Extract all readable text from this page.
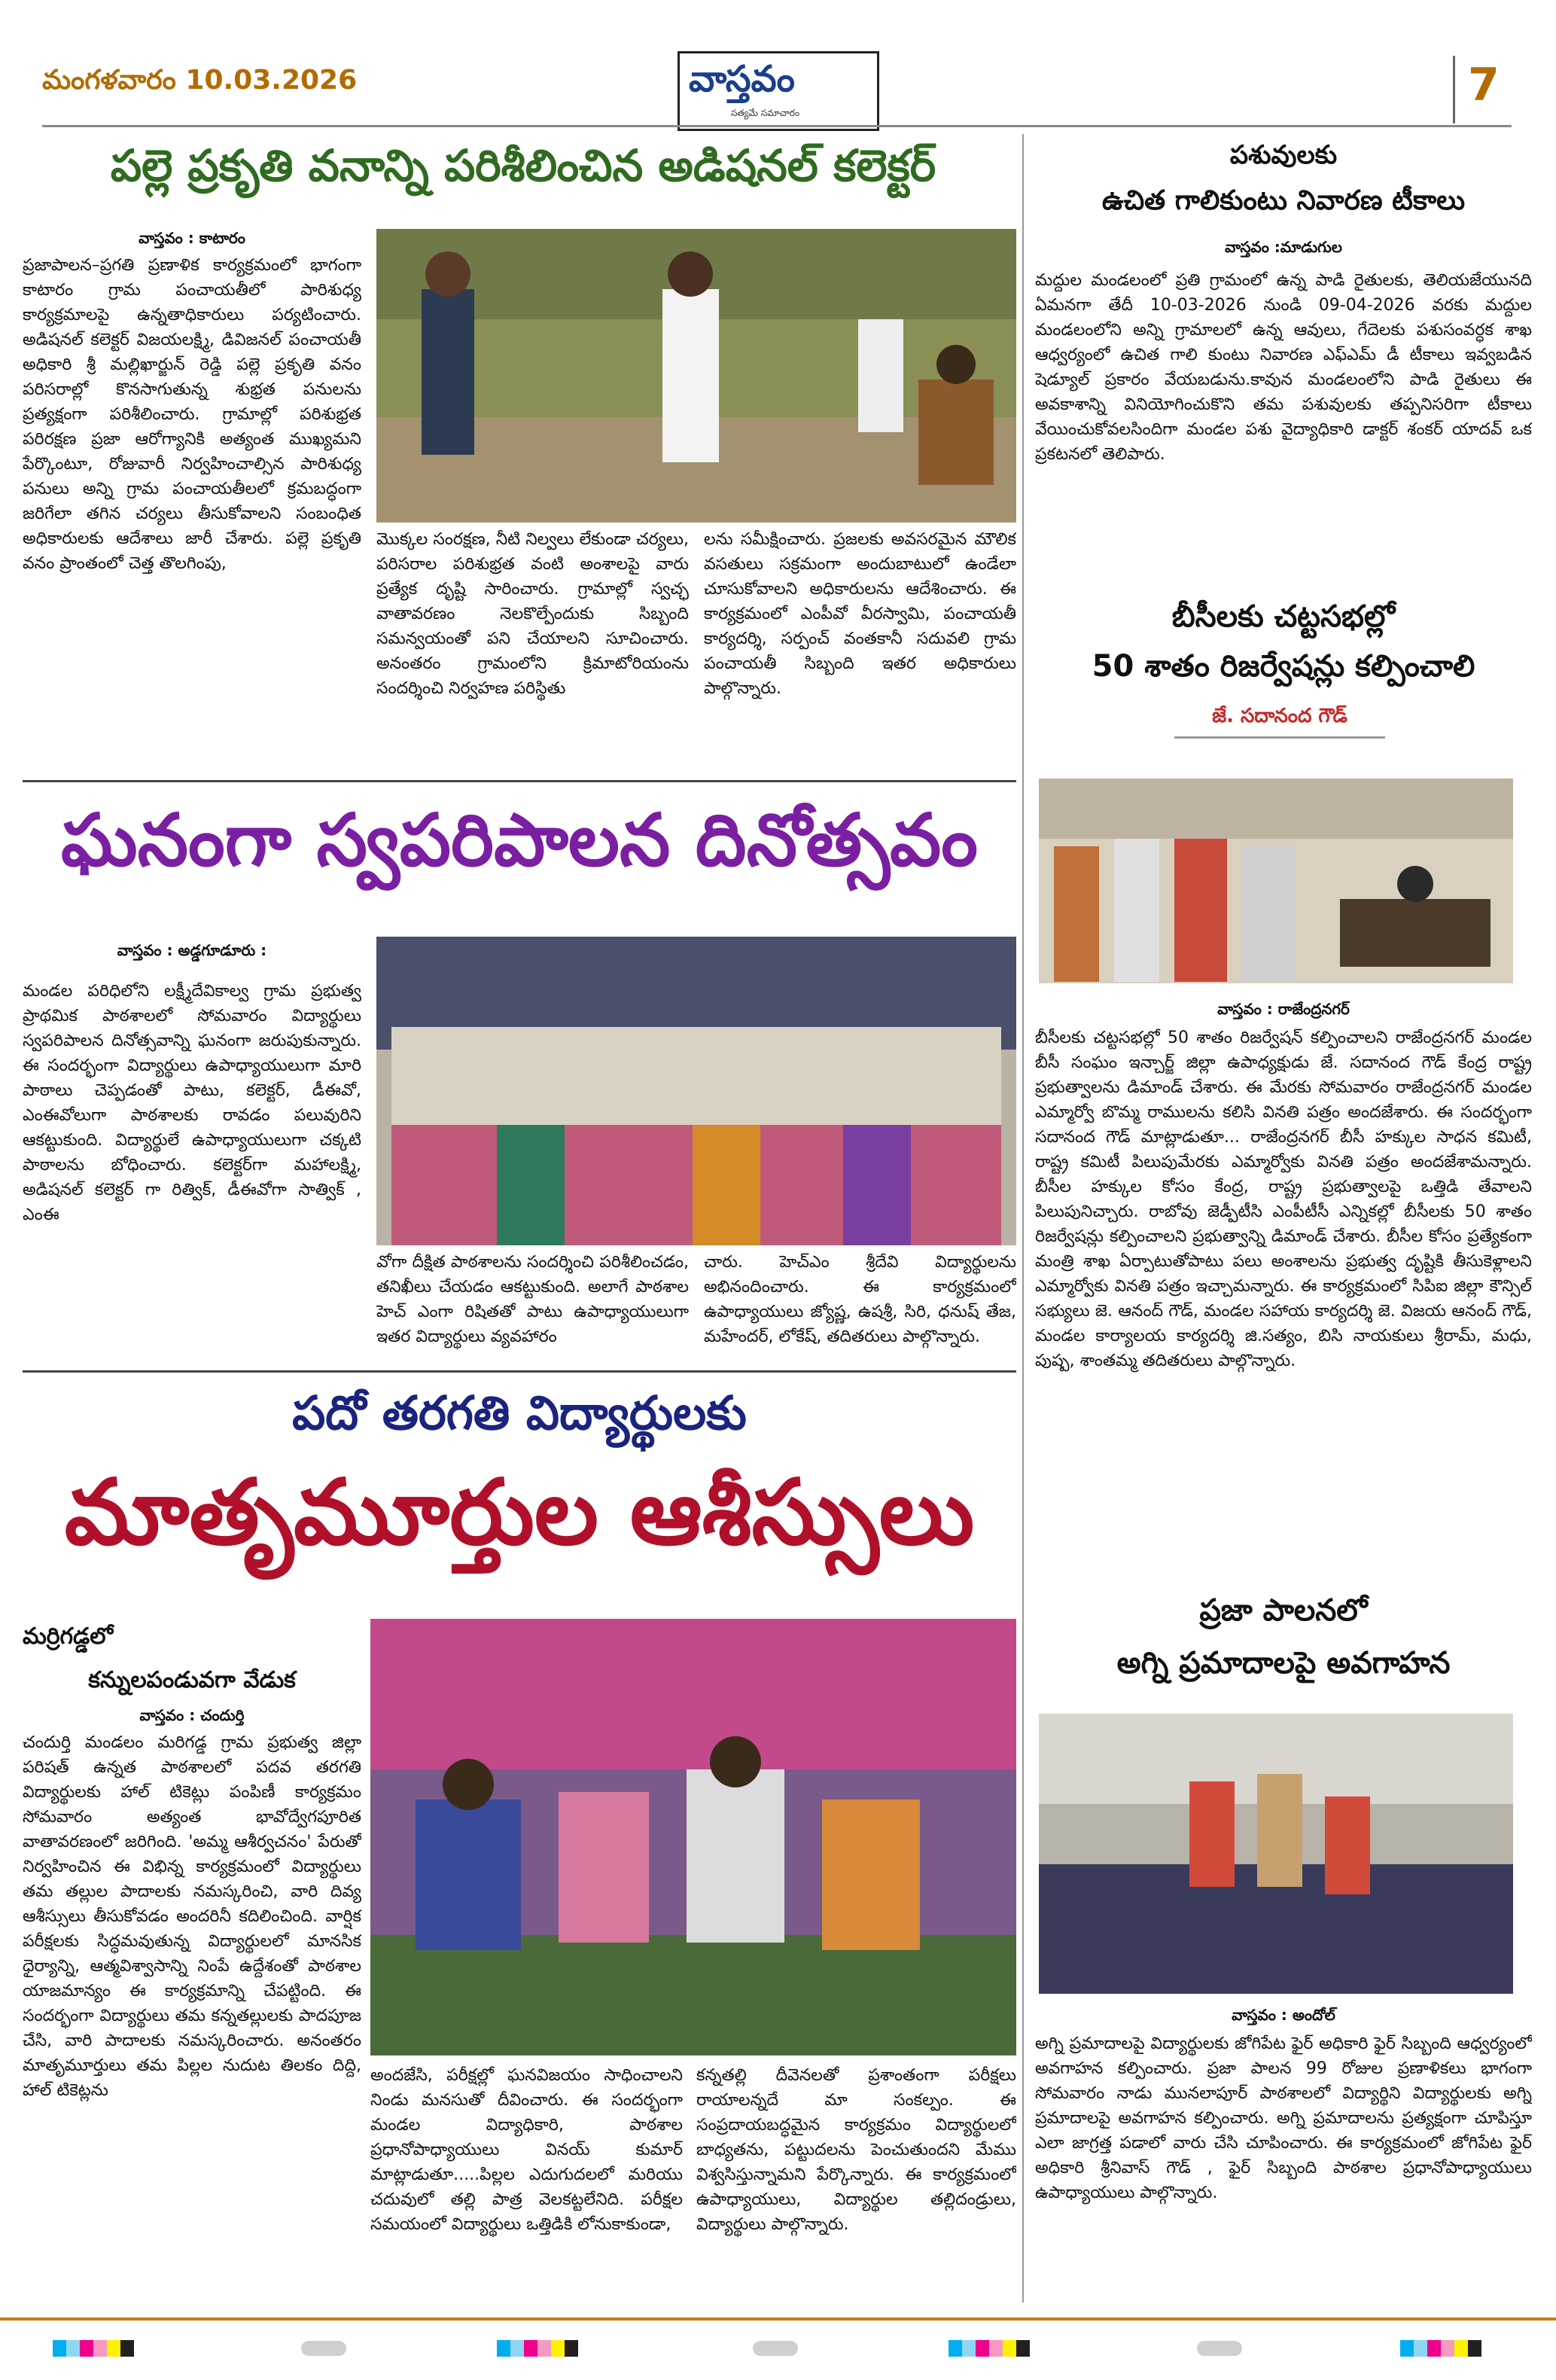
మంగళవారం 10.03.2026	వాస్తవం
సత్యమే సమాచారం
7
పల్లె ప్రకృతి వనాన్ని పరిశీలించిన అడిషనల్ కలెక్టర్
వాస్తవం : కాటారం
ప్రజాపాలన–ప్రగతి ప్రణాళిక కార్యక్రమంలో భాగంగా కాటారం గ్రామ పంచాయతీలో పారిశుధ్య కార్యక్రమాలపై ఉన్నతాధికారులు పర్యటించారు. అడిషనల్ కలెక్టర్ విజయలక్ష్మి, డివిజనల్ పంచాయతీ అధికారి శ్రీ మల్లిఖార్జున్ రెడ్డి పల్లె ప్రకృతి వనం పరిసరాల్లో కొనసాగుతున్న శుభ్రత పనులను ప్రత్యక్షంగా పరిశీలించారు. గ్రామాల్లో పరిశుభ్రత పరిరక్షణ ప్రజా ఆరోగ్యానికి అత్యంత ముఖ్యమని పేర్కొంటూ, రోజువారీ నిర్వహించాల్సిన పారిశుధ్య పనులు అన్ని గ్రామ పంచాయతీలలో క్రమబద్ధంగా జరిగేలా తగిన చర్యలు తీసుకోవాలని సంబంధిత అధికారులకు ఆదేశాలు జారీ చేశారు. పల్లె ప్రకృతి వనం ప్రాంతంలో చెత్త తొలగింపు,
మొక్కల సంరక్షణ, నీటి నిల్వలు లేకుండా చర్యలు, పరిసరాల పరిశుభ్రత వంటి అంశాలపై వారు ప్రత్యేక దృష్టి సారించారు. గ్రామాల్లో స్వచ్ఛ వాతావరణం నెలకొల్పేందుకు సిబ్బంది సమన్వయంతో పని చేయాలని సూచించారు. అనంతరం గ్రామంలోని క్రిమాటోరియంను సందర్శించి నిర్వహణ పరిస్థితు
లను సమీక్షించారు. ప్రజలకు అవసరమైన మౌలిక వసతులు సక్రమంగా అందుబాటులో ఉండేలా చూసుకోవాలని అధికారులను ఆదేశించారు. ఈ కార్యక్రమంలో ఎంపీవో వీరస్వామి, పంచాయతీ కార్యదర్శి, సర్పంచ్ వంతకానీ సదువలి గ్రామ పంచాయతీ సిబ్బంది ఇతర అధికారులు పాల్గొన్నారు.
ఘనంగా స్వపరిపాలన దినోత్సవం
వాస్తవం : అడ్డగూడూరు :
మండల పరిధిలోని లక్ష్మీదేవికాల్వ గ్రామ ప్రభుత్వ ప్రాథమిక పాఠశాలలో సోమవారం విద్యార్థులు స్వపరిపాలన దినోత్సవాన్ని ఘనంగా జరుపుకున్నారు. ఈ సందర్భంగా విద్యార్థులు ఉపాధ్యాయులుగా మారి పాఠాలు చెప్పడంతో పాటు, కలెక్టర్, డీఈవో, ఎంఈవోలుగా పాఠశాలకు రావడం పలువురిని ఆకట్టుకుంది. విద్యార్థులే ఉపాధ్యాయులుగా చక్కటి పాఠాలను బోధించారు. కలెక్టర్‌గా మహాలక్ష్మి, అడిషనల్ కలెక్టర్ గా రిత్విక్, డీఈవోగా సాత్విక్ , ఎంఈ
వోగా దీక్షిత పాఠశాలను సందర్శించి పరిశీలించడం, తనిఖీలు చేయడం ఆకట్టుకుంది. అలాగే పాఠశాల హెచ్ ఎంగా రిషితతో పాటు ఉపాధ్యాయులుగా ఇతర విద్యార్థులు వ్యవహారం
చారు. హెచ్‌ఎం శ్రీదేవి విద్యార్థులను అభినందించారు. ఈ కార్యక్రమంలో ఉపాధ్యాయులు జ్యోష్ణ, ఉషశ్రీ, సిరి, ధనుష్ తేజ, మహేందర్, లోకేష్, తదితరులు పాల్గొన్నారు.
పదో తరగతి విద్యార్థులకు
మాతృమూర్తుల ఆశీస్సులు
మర్రిగడ్డలో
కన్నులపండువగా వేడుక
వాస్తవం : చందుర్తి
చందుర్తి మండలం మరిగడ్డ గ్రామ ప్రభుత్వ జిల్లా పరిషత్ ఉన్నత పాఠశాలలో పదవ తరగతి విద్యార్థులకు హాల్ టికెట్లు పంపిణీ కార్యక్రమం సోమవారం అత్యంత భావోద్వేగపూరిత వాతావరణంలో జరిగింది. 'అమ్మ ఆశీర్వచనం' పేరుతో నిర్వహించిన ఈ విభిన్న కార్యక్రమంలో విద్యార్థులు తమ తల్లుల పాదాలకు నమస్కరించి, వారి దివ్య ఆశీస్సులు తీసుకోవడం అందరినీ కదిలించింది. వార్షిక పరీక్షలకు సిద్ధమవుతున్న విద్యార్థులలో మానసిక ధైర్యాన్ని, ఆత్మవిశ్వాసాన్ని నింపే ఉద్దేశంతో పాఠశాల యాజమాన్యం ఈ కార్యక్రమాన్ని చేపట్టింది. ఈ సందర్భంగా విద్యార్థులు తమ కన్నతల్లులకు పాదపూజ చేసి, వారి పాదాలకు నమస్కరించారు. అనంతరం మాతృమూర్తులు తమ పిల్లల నుదుట తిలకం దిద్ది, హాల్ టికెట్లను
అందజేసి, పరీక్షల్లో ఘనవిజయం సాధించాలని నిండు మనసుతో దీవించారు. ఈ సందర్భంగా మండల విద్యాధికారి, పాఠశాల ప్రధానోపాధ్యాయులు వినయ్ కుమార్ మాట్లాడుతూ.....పిల్లల ఎదుగుదలలో మరియు చదువులో తల్లి పాత్ర వెలకట్టలేనిది. పరీక్షల సమయంలో విద్యార్థులు ఒత్తిడికి లోనుకాకుండా,
కన్నతల్లి దీవెనలతో ప్రశాంతంగా పరీక్షలు రాయాలన్నదే మా సంకల్పం. ఈ సంప్రదాయబద్ధమైన కార్యక్రమం విద్యార్థులలో బాధ్యతను, పట్టుదలను పెంచుతుందని మేము విశ్వసిస్తున్నామని పేర్కొన్నారు. ఈ కార్యక్రమంలో ఉపాధ్యాయులు, విద్యార్థుల తల్లిదండ్రులు, విద్యార్థులు పాల్గొన్నారు.
పశువులకు
ఉచిత గాలికుంటు నివారణ టీకాలు
వాస్తవం :మాడుగుల
మద్దుల మండలంలో ప్రతి గ్రామంలో ఉన్న పాడి రైతులకు, తెలియజేయునది ఏమనగా తేదీ 10-03-2026 నుండి 09-04-2026 వరకు మద్దుల మండలంలోని అన్ని గ్రామాలలో ఉన్న ఆవులు, గేదెలకు పశుసంవర్ధక శాఖ ఆధ్వర్యంలో ఉచిత గాలి కుంటు నివారణ ఎఫ్‌ఎమ్ డీ టీకాలు ఇవ్వబడిన షెడ్యూల్ ప్రకారం వేయబడును.కావున మండలంలోని పాడి రైతులు ఈ అవకాశాన్ని వినియోగించుకొని తమ పశువులకు తప్పనిసరిగా టీకాలు వేయించుకోవలసిందిగా మండల పశు వైద్యాధికారి డాక్టర్ శంకర్ యాదవ్ ఒక ప్రకటనలో తెలిపారు.
బీసీలకు చట్టసభల్లో
50 శాతం రిజర్వేషన్లు కల్పించాలి
జే. సదానంద గౌడ్
వాస్తవం : రాజేంద్రనగర్
బీసీలకు చట్టసభల్లో 50 శాతం రిజర్వేషన్ కల్పించాలని రాజేంద్రనగర్ మండల బీసీ సంఘం ఇన్చార్జ్ జిల్లా ఉపాధ్యక్షుడు జే. సదానంద గౌడ్ కేంద్ర రాష్ట్ర ప్రభుత్వాలను డిమాండ్ చేశారు. ఈ మేరకు సోమవారం రాజేంద్రనగర్ మండల ఎమ్మార్వో బొమ్మ రాములను కలిసి వినతి పత్రం అందజేశారు. ఈ సందర్భంగా సదానంద గౌడ్ మాట్లాడుతూ... రాజేంద్రనగర్ బీసీ హక్కుల సాధన కమిటీ, రాష్ట్ర కమిటీ పిలుపుమేరకు ఎమ్మార్వోకు వినతి పత్రం అందజేశామన్నారు. బీసీల హక్కుల కోసం కేంద్ర, రాష్ట్ర ప్రభుత్వాలపై ఒత్తిడి తేవాలని పిలుపునిచ్చారు. రాబోవు జెడ్పీటీసి ఎంపీటీసీ ఎన్నికల్లో బీసీలకు 50 శాతం రిజర్వేషన్లు కల్పించాలని ప్రభుత్వాన్ని డిమాండ్ చేశారు. బీసీల కోసం ప్రత్యేకంగా మంత్రి శాఖ ఏర్పాటుతోపాటు పలు అంశాలను ప్రభుత్వ దృష్టికి తీసుకెళ్లాలని ఎమ్మార్వోకు వినతి పత్రం ఇచ్చామన్నారు. ఈ కార్యక్రమంలో సిపిఐ జిల్లా కౌన్సిల్ సభ్యులు జె. ఆనంద్ గౌడ్, మండల సహాయ కార్యదర్శి జె. విజయ ఆనంద్ గౌడ్, మండల కార్యాలయ కార్యదర్శి జి.సత్యం, బిసి నాయకులు శ్రీరామ్, మధు, పుష్ప, శాంతమ్మ తదితరులు పాల్గొన్నారు.
ప్రజా పాలనలో
అగ్ని ప్రమాదాలపై అవగాహన
వాస్తవం : అందోల్
అగ్ని ప్రమాదాలపై విద్యార్థులకు జోగిపేట ఫైర్ అధికారి ఫైర్ సిబ్బంది ఆధ్వర్యంలో అవగాహన కల్పించారు. ప్రజా పాలన 99 రోజుల ప్రణాళికలు భాగంగా సోమవారం నాడు మునలాపూర్ పాఠశాలలో విద్యార్థిని విద్యార్థులకు అగ్ని ప్రమాదాలపై అవగాహన కల్పించారు. అగ్ని ప్రమాదాలను ప్రత్యక్షంగా చూపిస్తూ ఎలా జాగ్రత్త పడాలో వారు చేసి చూపించారు. ఈ కార్యక్రమంలో జోగిపేట ఫైర్ అధికారి శ్రీనివాస్ గౌడ్ , ఫైర్ సిబ్బంది పాఠశాల ప్రధానోపాధ్యాయులు ఉపాధ్యాయులు పాల్గొన్నారు.
